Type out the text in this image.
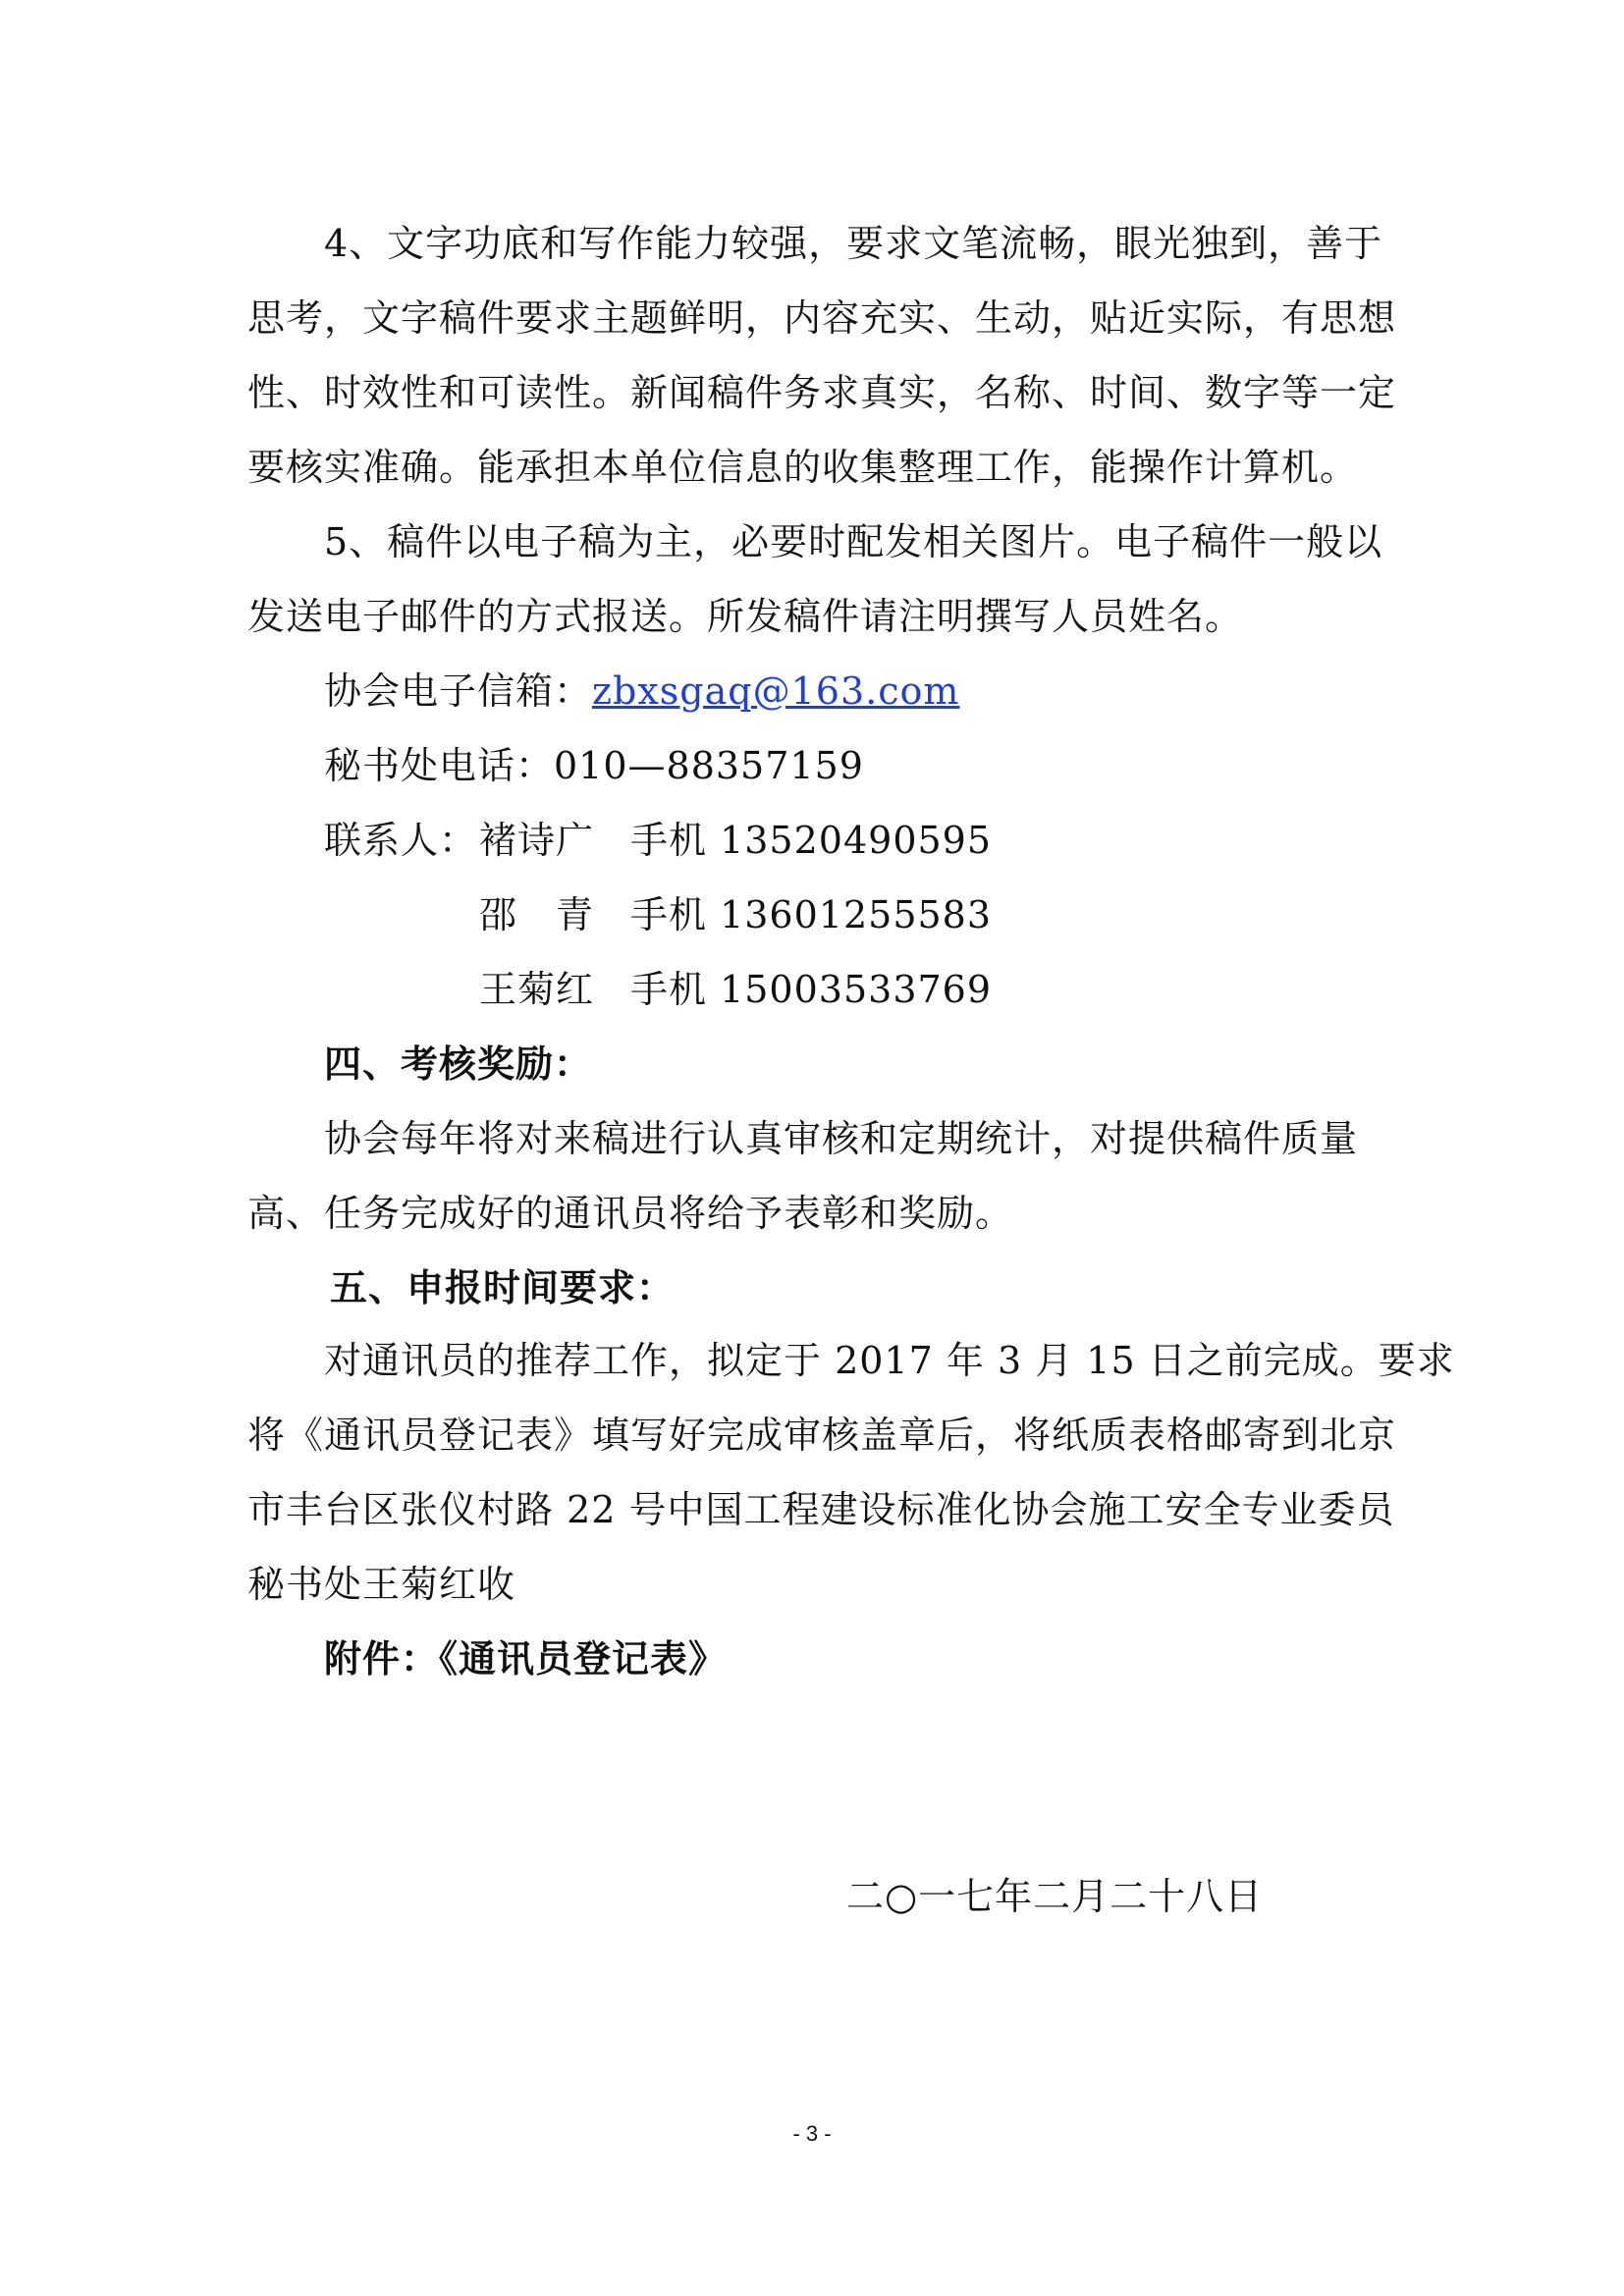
4、文字功底和写作能力较强，要求文笔流畅，眼光独到，善于
思考，文字稿件要求主题鲜明，内容充实、生动，贴近实际，有思想
性、时效性和可读性。新闻稿件务求真实，名称、时间、数字等一定
要核实准确。能承担本单位信息的收集整理工作，能操作计算机。
5、稿件以电子稿为主，必要时配发相关图片。电子稿件一般以
发送电子邮件的方式报送。所发稿件请注明撰写人员姓名。
协会电子信箱：zbxsgaq@163.com
秘书处电话：010—88357159
联系人： 褚诗广 手机 13520490595
邵　青 手机 13601255583
王菊红 手机 15003533769
四、考核奖励：
协会每年将对来稿进行认真审核和定期统计，对提供稿件质量
高、任务完成好的通讯员将给予表彰和奖励。
五、申报时间要求：
对通讯员的推荐工作，拟定于 2017 年 3 月 15 日之前完成。要求
将《通讯员登记表》填写好完成审核盖章后，将纸质表格邮寄到北京
市丰台区张仪村路 22 号中国工程建设标准化协会施工安全专业委员
秘书处王菊红收
附件：《通讯员登记表》
二○一七年二月二十八日
- 3 -
